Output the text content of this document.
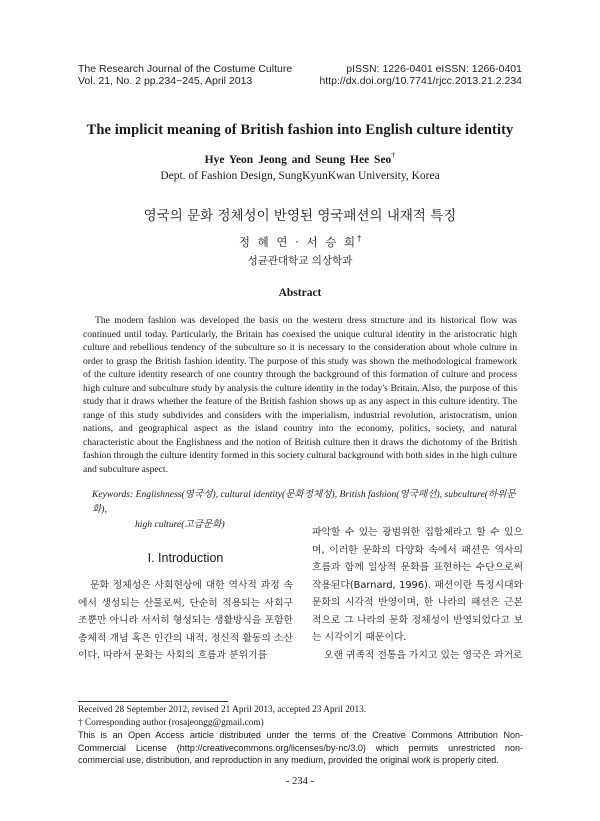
The Research Journal of the Costume Culture
Vol. 21, No. 2 pp.234~245, April 2013
pISSN: 1226-0401 eISSN: 1266-0401
http://dx.doi.org/10.7741/rjcc.2013.21.2.234
The implicit meaning of British fashion into English culture identity
Hye Yeon Jeong and Seung Hee Seo†
Dept. of Fashion Design, SungKyunKwan University, Korea
영국의 문화 정체성이 반영된 영국패션의 내재적 특징
정 혜 연 · 서 승 희†
성균관대학교 의상학과
Abstract

The modern fashion was developed the basis on the western dress structure and its historical flow was continued until today. Particularly, the Britain has coexised the unique cultural identity in the aristocratic high culture and rebellious tendency of the subculture so it is necessary to the consideration about whole culture in order to grasp the British fashion identity. The purpose of this study was shown the methodological framework of the culture identity research of one country through the background of this formation of culture and process high culture and subculture study by analysis the culture identity in the today's Britain. Also, the purpose of this study that it draws whether the feature of the British fashion shows up as any aspect in this culture identity. The range of this study subdivides and considers with the imperialism, industrial revolution, aristocratism, union nations, and geographical aspect as the island country into the economy, politics, society, and natural characteristic about the Englishness and the notion of British culture then it draws the dichotomy of the British fashion through the culture identity formed in this society cultural background with both sides in the high culture and subculture aspect.

Keywords: Englishness(영국성), cultural identity(문화정체성), British fashion(영국패션), subculture(하위문화),
high culture(고급문화)
I. Introduction

문화 정체성은 사회현상에 대한 역사적 과정 속에서 생성되는 산물로써, 단순히 적용되는 사회구조뿐만 아니라 서서히 형성되는 생활방식을 포함한 총체적 개념 혹은 인간의 내적, 정신적 활동의 소산이다. 따라서 문화는 사회의 흐름과 분위기를

파악할 수 있는 광범위한 집합체라고 할 수 있으며, 이러한 문화의 다양화 속에서 패션은 역사의 흐름과 함께 일상적 문화를 표현하는 수단으로써 작용된다(Barnard, 1996). 패션이란 특정시대와 문화의 시각적 반영이며, 한 나라의 패션은 근본적으로 그 나라의 문화 정체성이 반영되었다고 보는 시각이기 때문이다.

오랜 귀족적 전통을 가지고 있는 영국은 과거로

Received 28 September 2012, revised 21 April 2013, accepted 23 April 2013.
† Corresponding author (rosajeongg@gmail.com)
This is an Open Access article distributed under the terms of the Creative Commons Attribution Non-Commercial License (http://creativecommons.org/licenses/by-nc/3.0) which permits unrestricted non-commercial use, distribution, and reproduction in any medium, provided the original work is properly cited.
- 234 -
